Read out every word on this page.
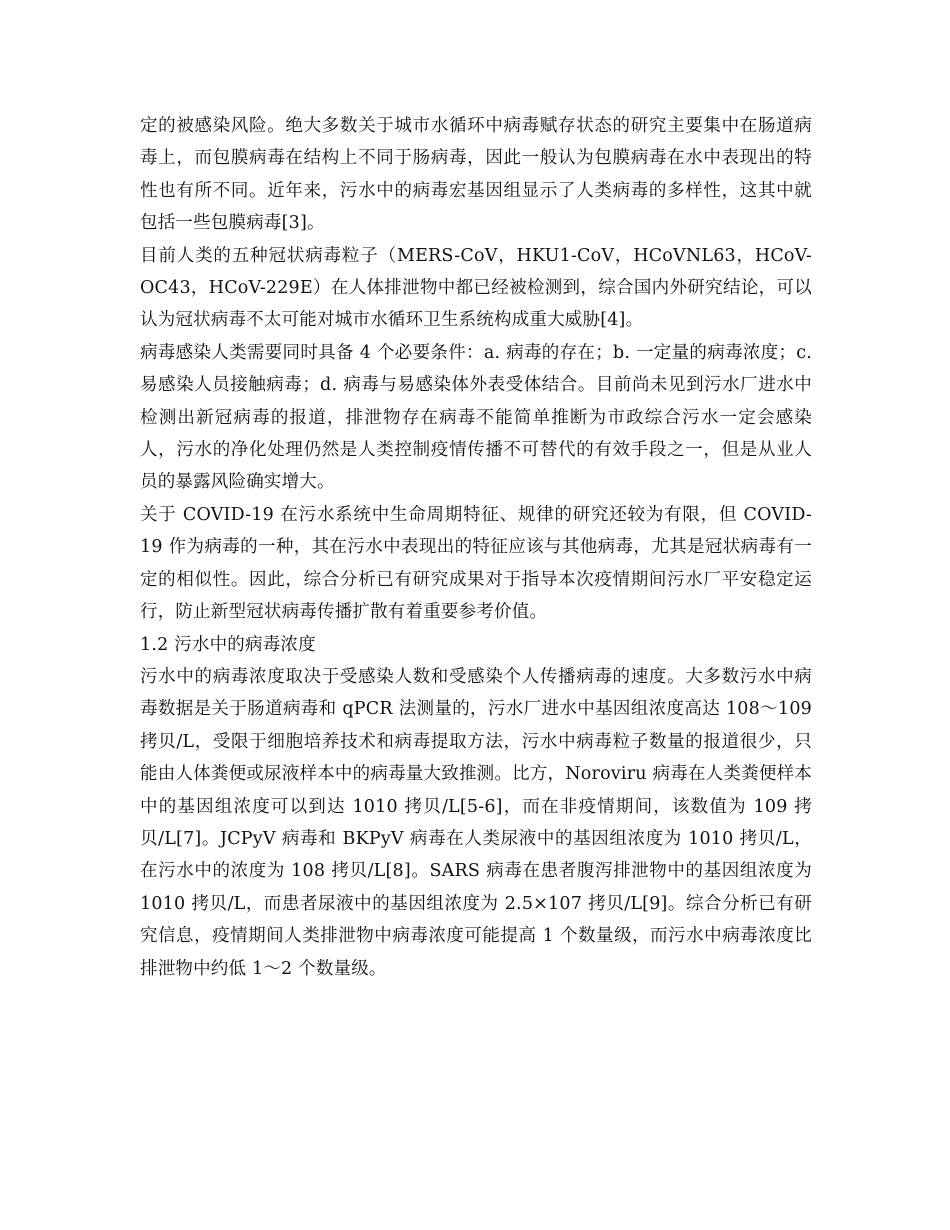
定的被感染风险。绝大多数关于城市水循环中病毒赋存状态的研究主要集中在肠道病毒上，而包膜病毒在结构上不同于肠病毒，因此一般认为包膜病毒在水中表现出的特性也有所不同。近年来，污水中的病毒宏基因组显示了人类病毒的多样性，这其中就包括一些包膜病毒[3]。

目前人类的五种冠状病毒粒子（MERS-CoV，HKU1-CoV，HCoVNL63，HCoV-OC43，HCoV-229E）在人体排泄物中都已经被检测到，综合国内外研究结论，可以认为冠状病毒不太可能对城市水循环卫生系统构成重大威胁[4]。

病毒感染人类需要同时具备 4 个必要条件：a. 病毒的存在；b. 一定量的病毒浓度；c. 易感染人员接触病毒；d. 病毒与易感染体外表受体结合。目前尚未见到污水厂进水中检测出新冠病毒的报道，排泄物存在病毒不能简单推断为市政综合污水一定会感染人，污水的净化处理仍然是人类控制疫情传播不可替代的有效手段之一，但是从业人员的暴露风险确实增大。

关于 COVID-19 在污水系统中生命周期特征、规律的研究还较为有限，但 COVID-19 作为病毒的一种，其在污水中表现出的特征应该与其他病毒，尤其是冠状病毒有一定的相似性。因此，综合分析已有研究成果对于指导本次疫情期间污水厂平安稳定运行，防止新型冠状病毒传播扩散有着重要参考价值。

1.2 污水中的病毒浓度

污水中的病毒浓度取决于受感染人数和受感染个人传播病毒的速度。大多数污水中病毒数据是关于肠道病毒和 qPCR 法测量的，污水厂进水中基因组浓度高达 108～109 拷贝/L，受限于细胞培养技术和病毒提取方法，污水中病毒粒子数量的报道很少，只能由人体粪便或尿液样本中的病毒量大致推测。比方，Noroviru 病毒在人类粪便样本中的基因组浓度可以到达 1010 拷贝/L[5-6]，而在非疫情期间，该数值为 109 拷贝/L[7]。JCPyV 病毒和 BKPyV 病毒在人类尿液中的基因组浓度为 1010 拷贝/L，在污水中的浓度为 108 拷贝/L[8]。SARS 病毒在患者腹泻排泄物中的基因组浓度为 1010 拷贝/L，而患者尿液中的基因组浓度为 2.5×107 拷贝/L[9]。综合分析已有研究信息，疫情期间人类排泄物中病毒浓度可能提高 1 个数量级，而污水中病毒浓度比排泄物中约低 1～2 个数量级。
